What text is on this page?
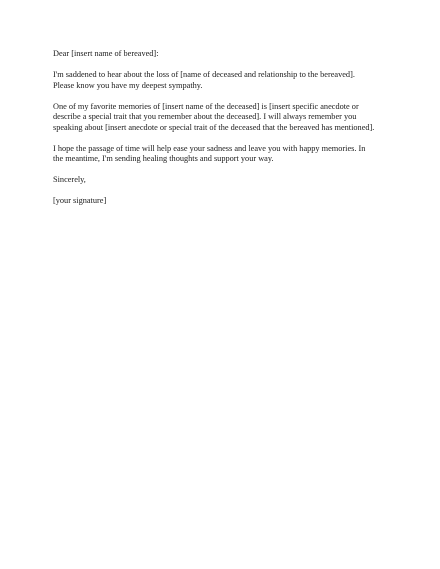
Dear [insert name of bereaved]:

I'm saddened to hear about the loss of [name of deceased and relationship to the bereaved].
Please know you have my deepest sympathy.

One of my favorite memories of [insert name of the deceased] is [insert specific anecdote or
describe a special trait that you remember about the deceased]. I will always remember you
speaking about [insert anecdote or special trait of the deceased that the bereaved has mentioned].

I hope the passage of time will help ease your sadness and leave you with happy memories. In
the meantime, I'm sending healing thoughts and support your way.

Sincerely,

[your signature]
